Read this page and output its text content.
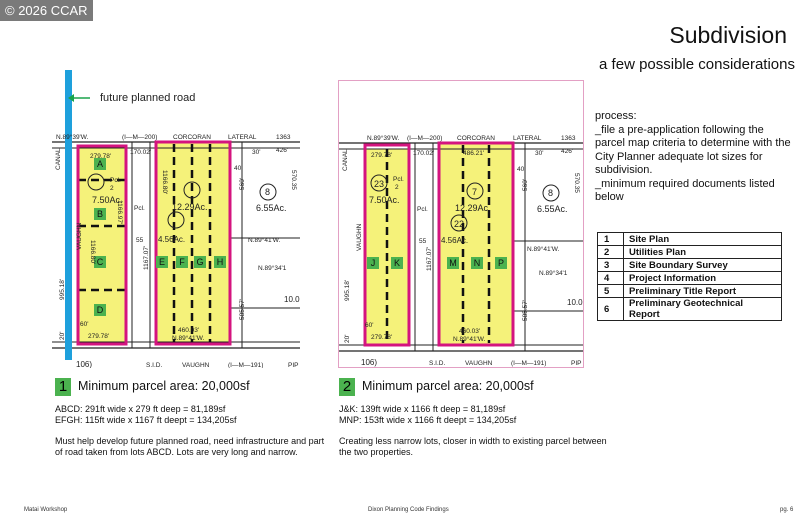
© 2026 CCAR
Subdivision
a few possible considerations
A
B
C
D
E F G H
future planned road
N.89°39'W.	(I—M—200) CORCORAN	LATERAL	1363
426'
279.78'
170.02'	30'
40'
Pcl.
2
Pcl.
8
6.55Ac.
7.50Ac.
12.29Ac.
4.56Ac.
55	N.89°41'W.
N.89°34'1
10.0
460.03'
N.89°41'W.
279.78'
60'
106)	S.I.D.	VAUGHN	(I—M—191)	PIP
CANAL
VAUGHN
995.18'
20'
1166.80'
1166.97'
1167.07'
1166.80'	560'
585.57'
570.35
J K	M N P
N.89°39'W. (I—M—200) CORCORAN	LATERAL	1363
426'
279.78'	170.02'	486.21'	30'
40'
Pcl.
2
Pcl.
23
7
22
8
6.55Ac.
7.50Ac.
12.29Ac.
4.56Ac.
55
N.89°41'W.
N.89°34'1
10.0
460.03'
N.89°41'W.
279.78'
60'
106)	S.I.D.	VAUGHN	(I—M—191)	PIP
CANAL
VAUGHN
995.18'
20'
1167.07'
560'
585.57'
570.35

process:

_file a pre-application following the parcel map criteria to determine with the City Planner adequate lot sizes for subdivision.

_minimum required documents listed below

1	Site Plan
2	Utilities Plan
3	Site Boundary Survey
4	Project Information
5	Preliminary Title Report
6	Preliminary Geotechnical Report
1 Minimum parcel area: 20,000sf
ABCD: 291ft wide x 279 ft deep = 81,189sf
EFGH: 115ft wide x 1167 ft deept = 134,205sf
Must help develop future planned road, need infrastructure and part of road taken from lots ABCD. Lots are very long and narrow.
2 Minimum parcel area: 20,000sf
J&K: 139ft wide x 1166 ft deep = 81,189sf
MNP: 153ft wide x 1166 ft deept = 134,205sf
Creating less narrow lots, closer in width to existing parcel between the two properties.
Matai Workshop	Dixon Planning Code Findings	pg. 6
